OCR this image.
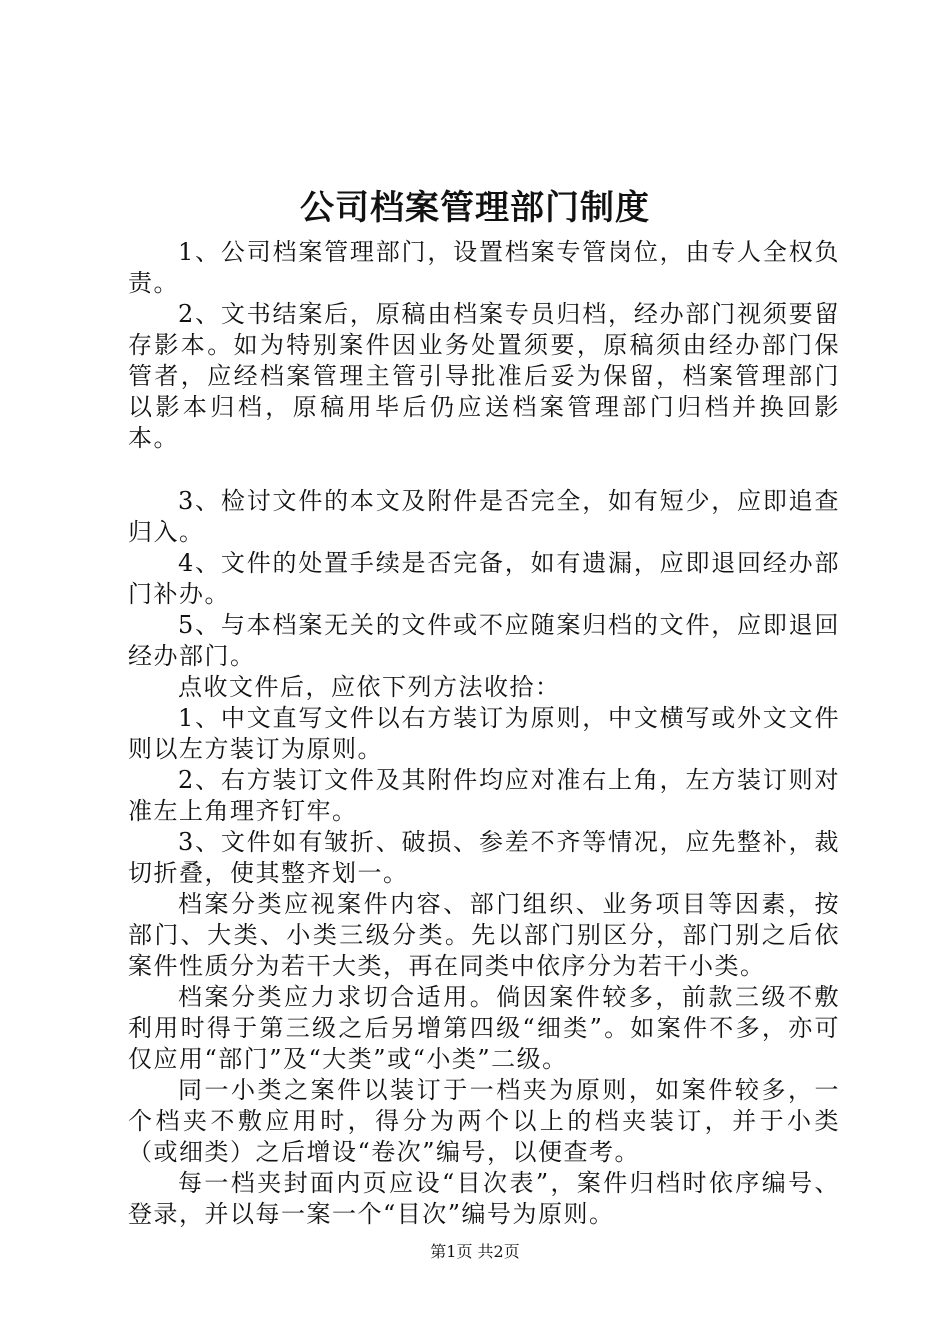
公司档案管理部门制度

1、公司档案管理部门，设置档案专管岗位，由专人全权负责。

2、文书结案后，原稿由档案专员归档，经办部门视须要留存影本。如为特别案件因业务处置须要，原稿须由经办部门保管者，应经档案管理主管引导批准后妥为保留，档案管理部门以影本归档，原稿用毕后仍应送档案管理部门归档并换回影本。

3、检讨文件的本文及附件是否完全，如有短少，应即追查归入。

4、文件的处置手续是否完备，如有遗漏，应即退回经办部门补办。

5、与本档案无关的文件或不应随案归档的文件，应即退回经办部门。

点收文件后，应依下列方法收拾：

1、中文直写文件以右方装订为原则，中文横写或外文文件则以左方装订为原则。

2、右方装订文件及其附件均应对准右上角，左方装订则对准左上角理齐钉牢。

3、文件如有皱折、破损、参差不齐等情况，应先整补，裁切折叠，使其整齐划一。

档案分类应视案件内容、部门组织、业务项目等因素，按部门、大类、小类三级分类。先以部门别区分，部门别之后依案件性质分为若干大类，再在同类中依序分为若干小类。

档案分类应力求切合适用。倘因案件较多，前款三级不敷利用时得于第三级之后另增第四级“细类”。如案件不多，亦可仅应用“部门”及“大类”或“小类”二级。

同一小类之案件以装订于一档夹为原则，如案件较多，一个档夹不敷应用时，得分为两个以上的档夹装订，并于小类（或细类）之后增设“卷次”编号，以便查考。

每一档夹封面内页应设“目次表”，案件归档时依序编号、登录，并以每一案一个“目次”编号为原则。

第1页 共2页
